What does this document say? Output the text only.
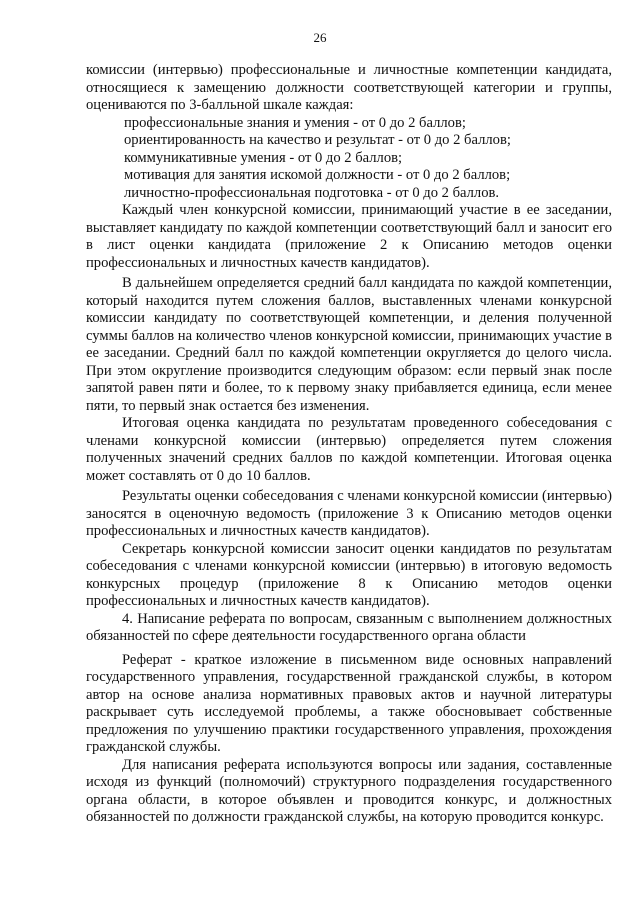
26

комиссии (интервью) профессиональные и личностные компетенции кандидата, относящиеся к замещению должности соответствующей категории и группы, оцениваются по 3-балльной шкале каждая:

профессиональные знания и умения - от 0 до 2 баллов;
ориентированность на качество и результат - от 0 до 2 баллов;
коммуникативные умения - от 0 до 2 баллов;
мотивация для занятия искомой должности - от 0 до 2 баллов;
личностно-профессиональная подготовка - от 0 до 2 баллов.

Каждый член конкурсной комиссии, принимающий участие в ее заседании, выставляет кандидату по каждой компетенции соответствующий балл и заносит его в лист оценки кандидата (приложение 2 к Описанию методов оценки профессиональных и личностных качеств кандидатов).

В дальнейшем определяется средний балл кандидата по каждой компетенции, который находится путем сложения баллов, выставленных членами конкурсной комиссии кандидату по соответствующей компетенции, и деления полученной суммы баллов на количество членов конкурсной комиссии, принимающих участие в ее заседании. Средний балл по каждой компетенции округляется до целого числа. При этом округление производится следующим образом: если первый знак после запятой равен пяти и более, то к первому знаку прибавляется единица, если менее пяти, то первый знак остается без изменения.

Итоговая оценка кандидата по результатам проведенного собеседования с членами конкурсной комиссии (интервью) определяется путем сложения полученных значений средних баллов по каждой компетенции. Итоговая оценка может составлять от 0 до 10 баллов.

Результаты оценки собеседования с членами конкурсной комиссии (интервью) заносятся в оценочную ведомость (приложение 3 к Описанию методов оценки профессиональных и личностных качеств кандидатов).

Секретарь конкурсной комиссии заносит оценки кандидатов по результатам собеседования с членами конкурсной комиссии (интервью) в итоговую ведомость конкурсных процедур (приложение 8 к Описанию методов оценки профессиональных и личностных качеств кандидатов).

4. Написание реферата по вопросам, связанным с выполнением должностных обязанностей по сфере деятельности государственного органа области

Реферат - краткое изложение в письменном виде основных направлений государственного управления, государственной гражданской службы, в котором автор на основе анализа нормативных правовых актов и научной литературы раскрывает суть исследуемой проблемы, а также обосновывает собственные предложения по улучшению практики государственного управления, прохождения гражданской службы.

Для написания реферата используются вопросы или задания, составленные исходя из функций (полномочий) структурного подразделения государственного органа области, в которое объявлен и проводится конкурс, и должностных обязанностей по должности гражданской службы, на которую проводится конкурс.
